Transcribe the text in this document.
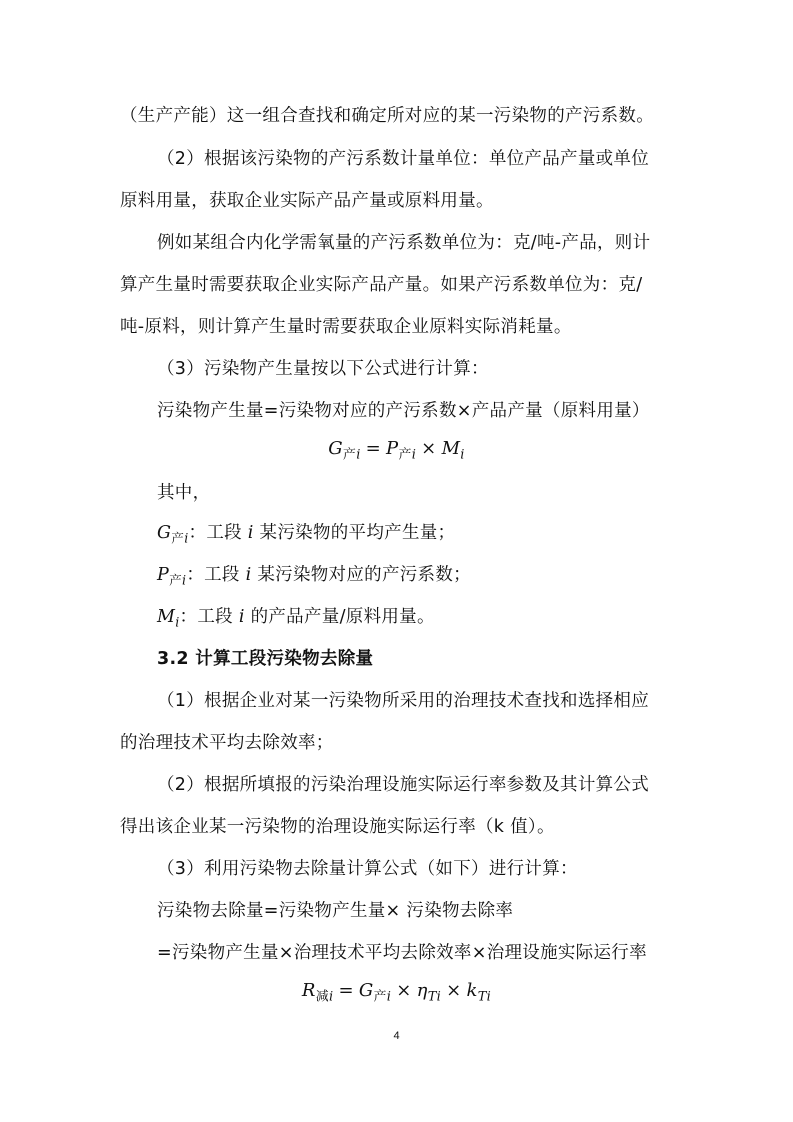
（生产产能）这一组合查找和确定所对应的某一污染物的产污系数。
（2）根据该污染物的产污系数计量单位：单位产品产量或单位
原料用量，获取企业实际产品产量或原料用量。
例如某组合内化学需氧量的产污系数单位为：克/吨-产品，则计
算产生量时需要获取企业实际产品产量。如果产污系数单位为：克/
吨-原料，则计算产生量时需要获取企业原料实际消耗量。
（3）污染物产生量按以下公式进行计算：
污染物产生量=污染物对应的产污系数×产品产量（原料用量）
$G_{产i} = P_{产i} \times M_i$
其中，
$G_{产i}$：工段 i 某污染物的平均产生量；
$P_{产i}$：工段 i 某污染物对应的产污系数；
$M_i$：工段 i 的产品产量/原料用量。
3.2 计算工段污染物去除量
（1）根据企业对某一污染物所采用的治理技术查找和选择相应
的治理技术平均去除效率；
（2）根据所填报的污染治理设施实际运行率参数及其计算公式
得出该企业某一污染物的治理设施实际运行率（k 值）。
（3）利用污染物去除量计算公式（如下）进行计算：
污染物去除量=污染物产生量× 污染物去除率
=污染物产生量×治理技术平均去除效率×治理设施实际运行率
$R_{减i} = G_{产i} \times \eta_{Ti} \times k_{Ti}$
4
